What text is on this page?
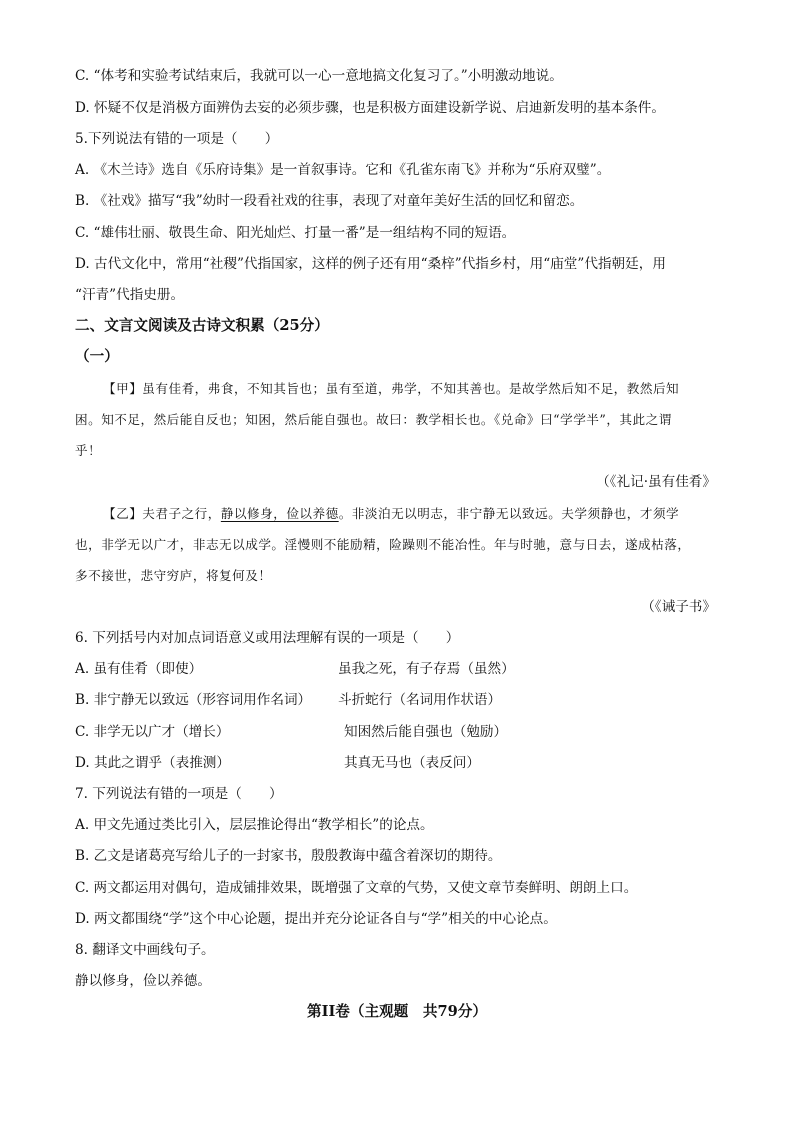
C. “体考和实验考试结束后，我就可以一心一意地搞文化复习了。”小明激动地说。
D. 怀疑不仅是消极方面辨伪去妄的必须步骤，也是积极方面建设新学说、启迪新发明的基本条件。
5.下列说法有错的一项是（　　）
A. 《木兰诗》选自《乐府诗集》是一首叙事诗。它和《孔雀东南飞》并称为“乐府双璧”。
B. 《社戏》描写“我”幼时一段看社戏的往事，表现了对童年美好生活的回忆和留恋。
C. “雄伟壮丽、敬畏生命、阳光灿烂、打量一番”是一组结构不同的短语。
D. 古代文化中，常用“社稷”代指国家，这样的例子还有用“桑梓”代指乡村，用“庙堂”代指朝廷，用
“汗青”代指史册。
二、文言文阅读及古诗文积累（25分）
（一）
【甲】虽有佳肴，弗食，不知其旨也；虽有至道，弗学，不知其善也。是故学然后知不足，教然后知
困。知不足，然后能自反也；知困，然后能自强也。故曰：教学相长也。《兑命》曰“学学半”，其此之谓
乎！
（《礼记·虽有佳肴》
【乙】夫君子之行，静以修身，俭以养德。非淡泊无以明志，非宁静无以致远。夫学须静也，才须学
也，非学无以广才，非志无以成学。淫慢则不能励精，险躁则不能冶性。年与时驰，意与日去，遂成枯落，
多不接世，悲守穷庐，将复何及！
（《诫子书》
6. 下列括号内对加点词语意义或用法理解有误的一项是（　　）
A. 虽有佳肴（即使）	虽我之死，有子存焉（虽然）
B. 非宁静无以致远（形容词用作名词） 斗折蛇行（名词用作状语）
C. 非学无以广才（增长）	知困然后能自强也（勉励）
D. 其此之谓乎（表推测）	其真无马也（表反问）
7. 下列说法有错的一项是（　　）
A. 甲文先通过类比引入，层层推论得出“教学相长”的论点。
B. 乙文是诸葛亮写给儿子的一封家书，殷殷教诲中蕴含着深切的期待。
C. 两文都运用对偶句，造成铺排效果，既增强了文章的气势，又使文章节奏鲜明、朗朗上口。
D. 两文都围绕“学”这个中心论题，提出并充分论证各自与“学”相关的中心论点。
8. 翻译文中画线句子。
静以修身，俭以养德。
第II卷（主观题　共79分）
